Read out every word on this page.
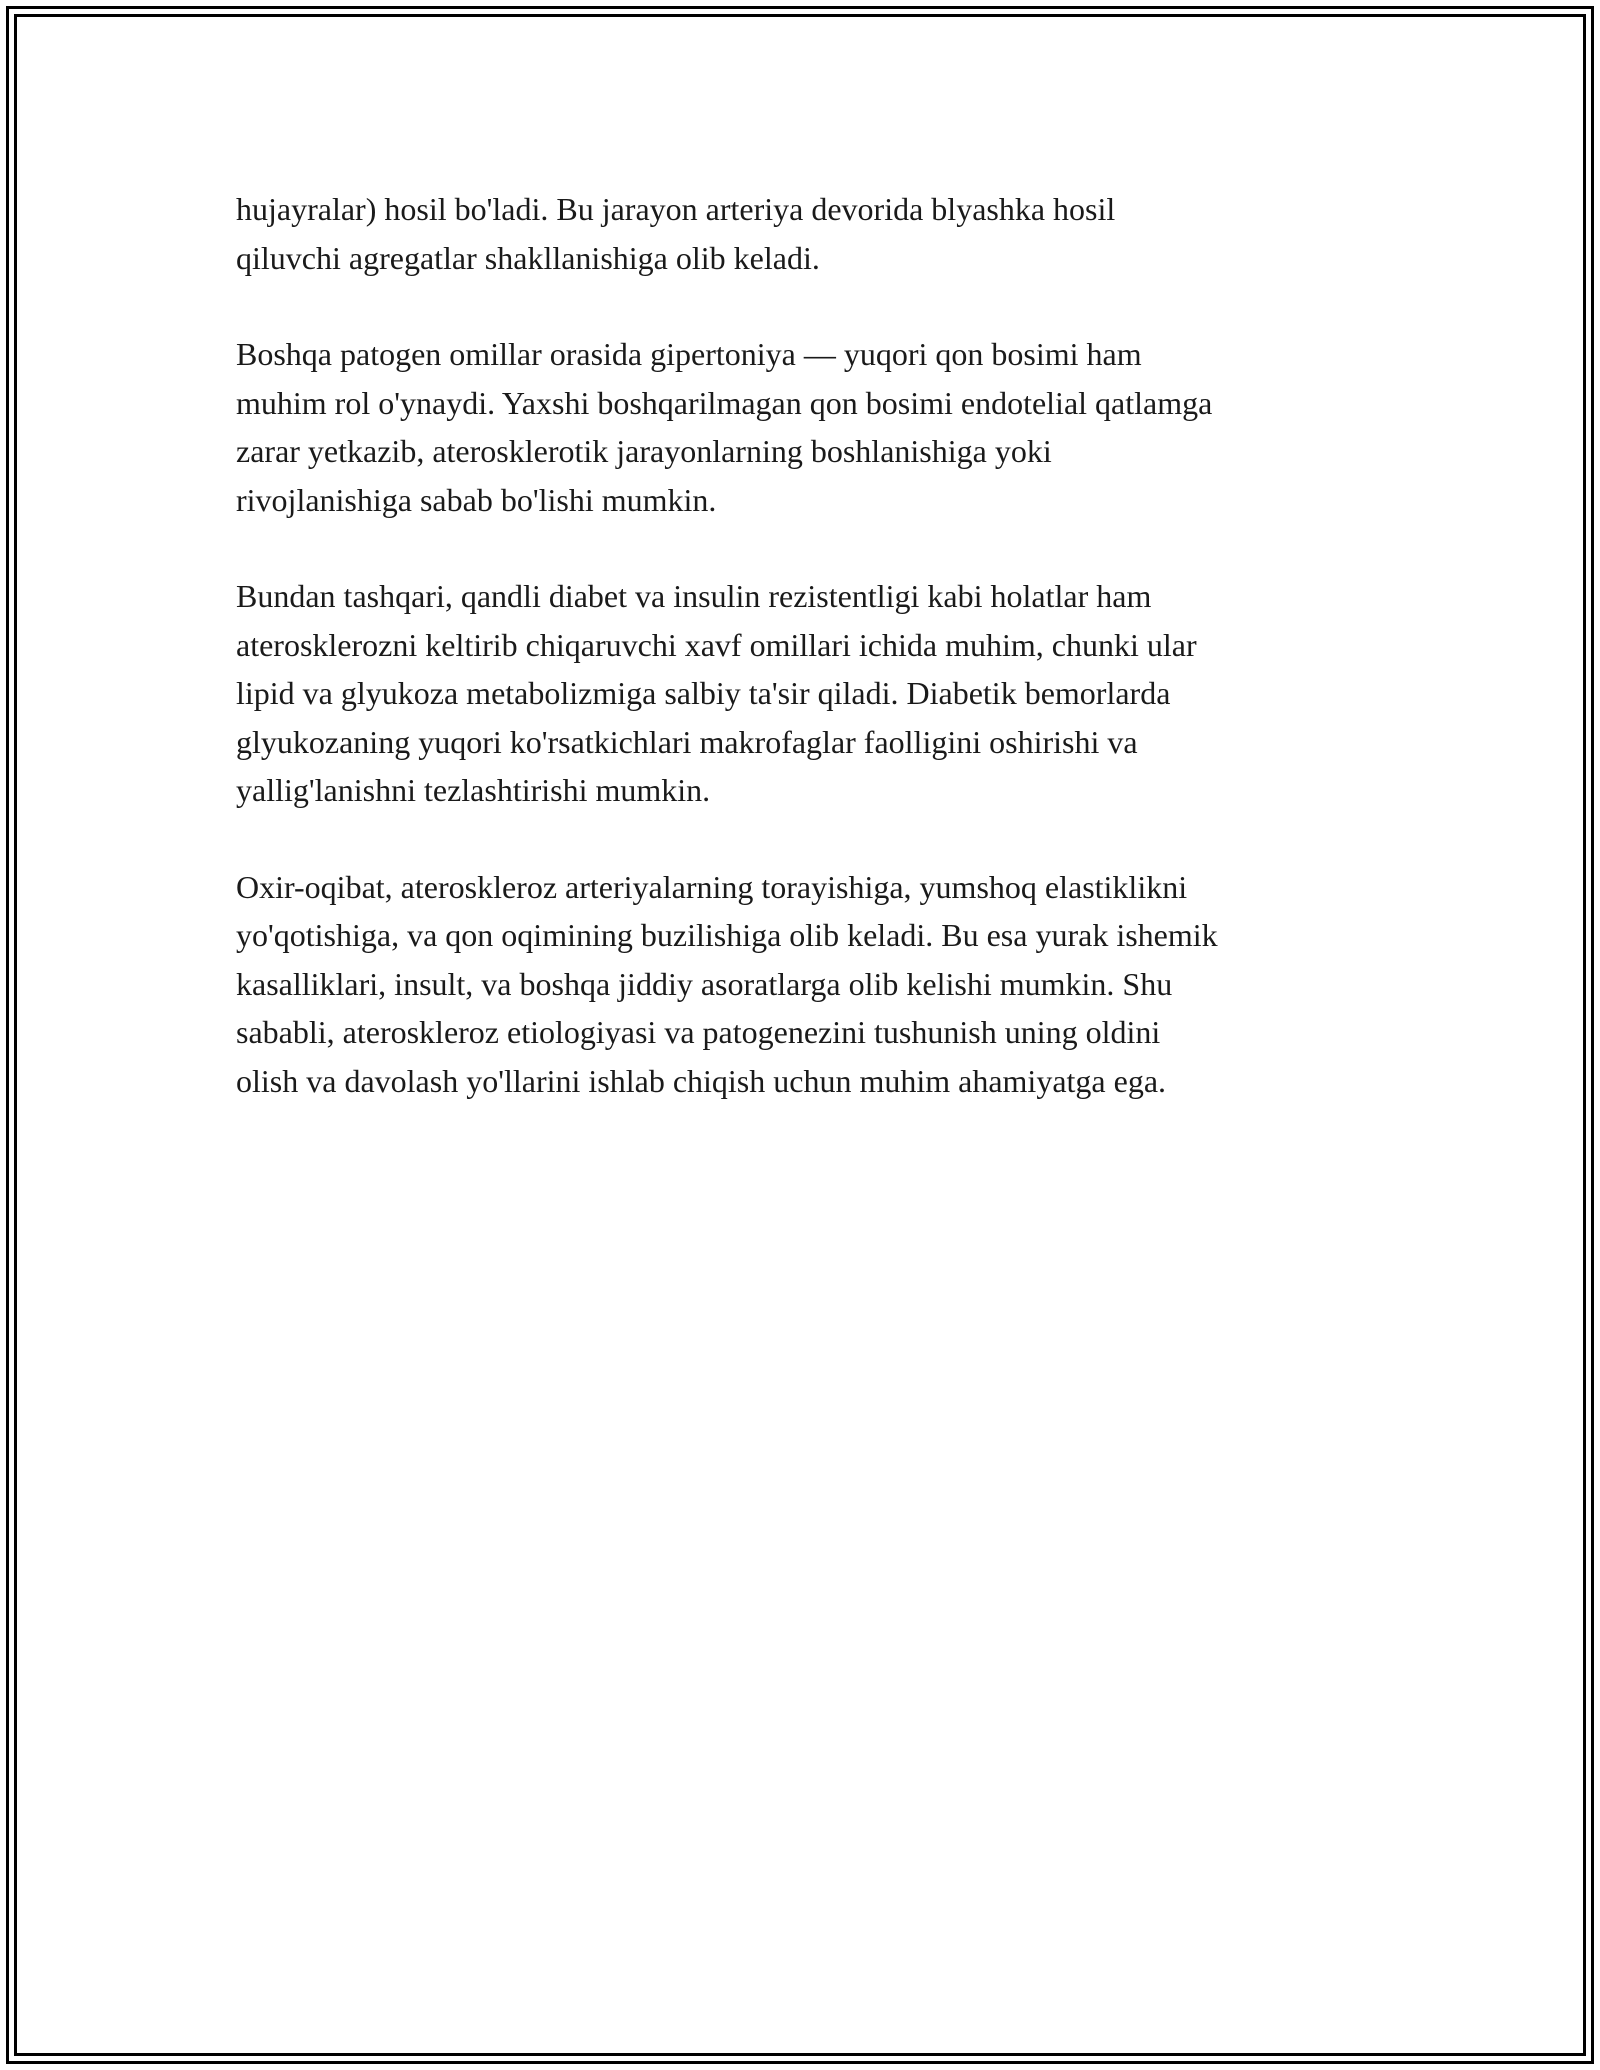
hujayralar) hosil bo'ladi. Bu jarayon arteriya devorida blyashka hosil
qiluvchi agregatlar shakllanishiga olib keladi.

Boshqa patogen omillar orasida gipertoniya — yuqori qon bosimi ham
muhim rol o'ynaydi. Yaxshi boshqarilmagan qon bosimi endotelial qatlamga
zarar yetkazib, aterosklerotik jarayonlarning boshlanishiga yoki
rivojlanishiga sabab bo'lishi mumkin.

Bundan tashqari, qandli diabet va insulin rezistentligi kabi holatlar ham
aterosklerozni keltirib chiqaruvchi xavf omillari ichida muhim, chunki ular
lipid va glyukoza metabolizmiga salbiy ta'sir qiladi. Diabetik bemorlarda
glyukozaning yuqori ko'rsatkichlari makrofaglar faolligini oshirishi va
yallig'lanishni tezlashtirishi mumkin.

Oxir-oqibat, ateroskleroz arteriyalarning torayishiga, yumshoq elastiklikni
yo'qotishiga, va qon oqimining buzilishiga olib keladi. Bu esa yurak ishemik
kasalliklari, insult, va boshqa jiddiy asoratlarga olib kelishi mumkin. Shu
sababli, ateroskleroz etiologiyasi va patogenezini tushunish uning oldini
olish va davolash yo'llarini ishlab chiqish uchun muhim ahamiyatga ega.
